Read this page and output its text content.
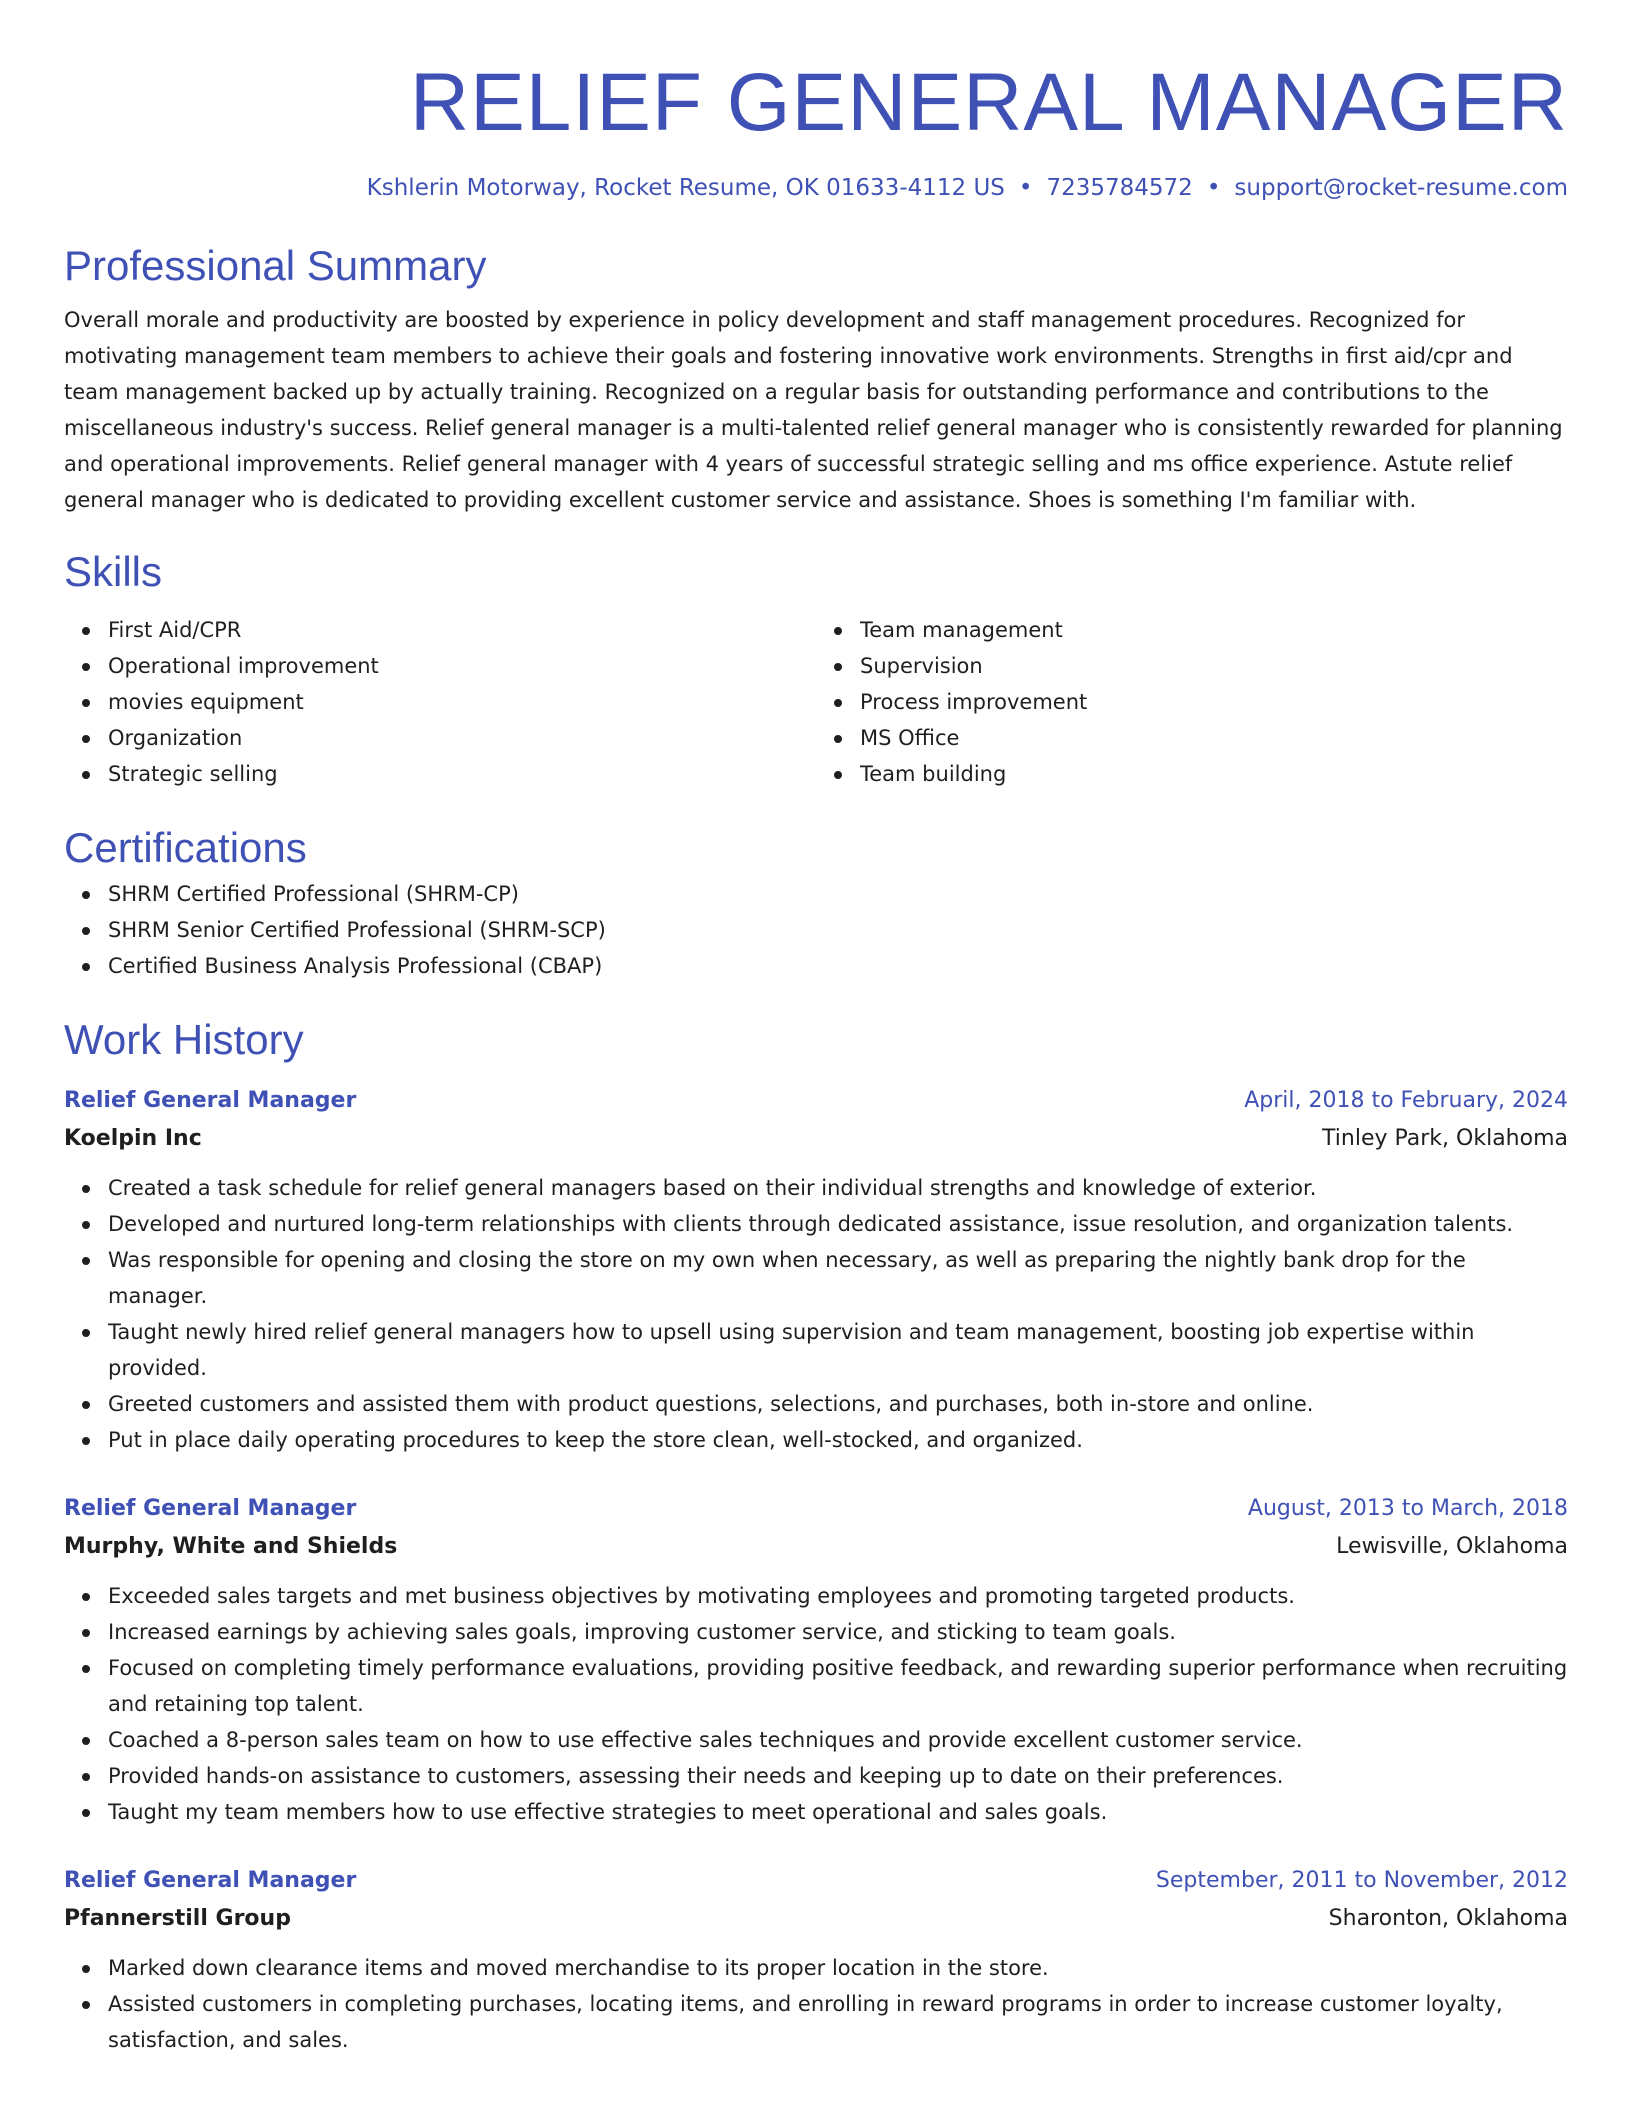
RELIEF GENERAL MANAGER
Kshlerin Motorway, Rocket Resume, OK 01633-4112 US • 7235784572 • support@rocket-resume.com
Professional Summary

Overall morale and productivity are boosted by experience in policy development and staff management procedures. Recognized for motivating management team members to achieve their goals and fostering innovative work environments. Strengths in first aid/cpr and team management backed up by actually training. Recognized on a regular basis for outstanding performance and contributions to the miscellaneous industry's success. Relief general manager is a multi-talented relief general manager who is consistently rewarded for planning and operational improvements. Relief general manager with 4 years of successful strategic selling and ms office experience. Astute relief general manager who is dedicated to providing excellent customer service and assistance. Shoes is something I'm familiar with.

Skills
First Aid/CPR
Operational improvement
movies equipment
Organization
Strategic selling
Team management
Supervision
Process improvement
MS Office
Team building
Certifications
SHRM Certified Professional (SHRM-CP)
SHRM Senior Certified Professional (SHRM-SCP)
Certified Business Analysis Professional (CBAP)
Work History
Relief General Manager	April, 2018 to February, 2024
Koelpin Inc	Tinley Park, Oklahoma
Created a task schedule for relief general managers based on their individual strengths and knowledge of exterior.
Developed and nurtured long-term relationships with clients through dedicated assistance, issue resolution, and organization talents.
Was responsible for opening and closing the store on my own when necessary, as well as preparing the nightly bank drop for the manager.
Taught newly hired relief general managers how to upsell using supervision and team management, boosting job expertise within provided.
Greeted customers and assisted them with product questions, selections, and purchases, both in-store and online.
Put in place daily operating procedures to keep the store clean, well-stocked, and organized.
Relief General Manager	August, 2013 to March, 2018
Murphy, White and Shields	Lewisville, Oklahoma
Exceeded sales targets and met business objectives by motivating employees and promoting targeted products.
Increased earnings by achieving sales goals, improving customer service, and sticking to team goals.
Focused on completing timely performance evaluations, providing positive feedback, and rewarding superior performance when recruiting and retaining top talent.
Coached a 8-person sales team on how to use effective sales techniques and provide excellent customer service.
Provided hands-on assistance to customers, assessing their needs and keeping up to date on their preferences.
Taught my team members how to use effective strategies to meet operational and sales goals.
Relief General Manager	September, 2011 to November, 2012
Pfannerstill Group	Sharonton, Oklahoma
Marked down clearance items and moved merchandise to its proper location in the store.
Assisted customers in completing purchases, locating items, and enrolling in reward programs in order to increase customer loyalty, satisfaction, and sales.
